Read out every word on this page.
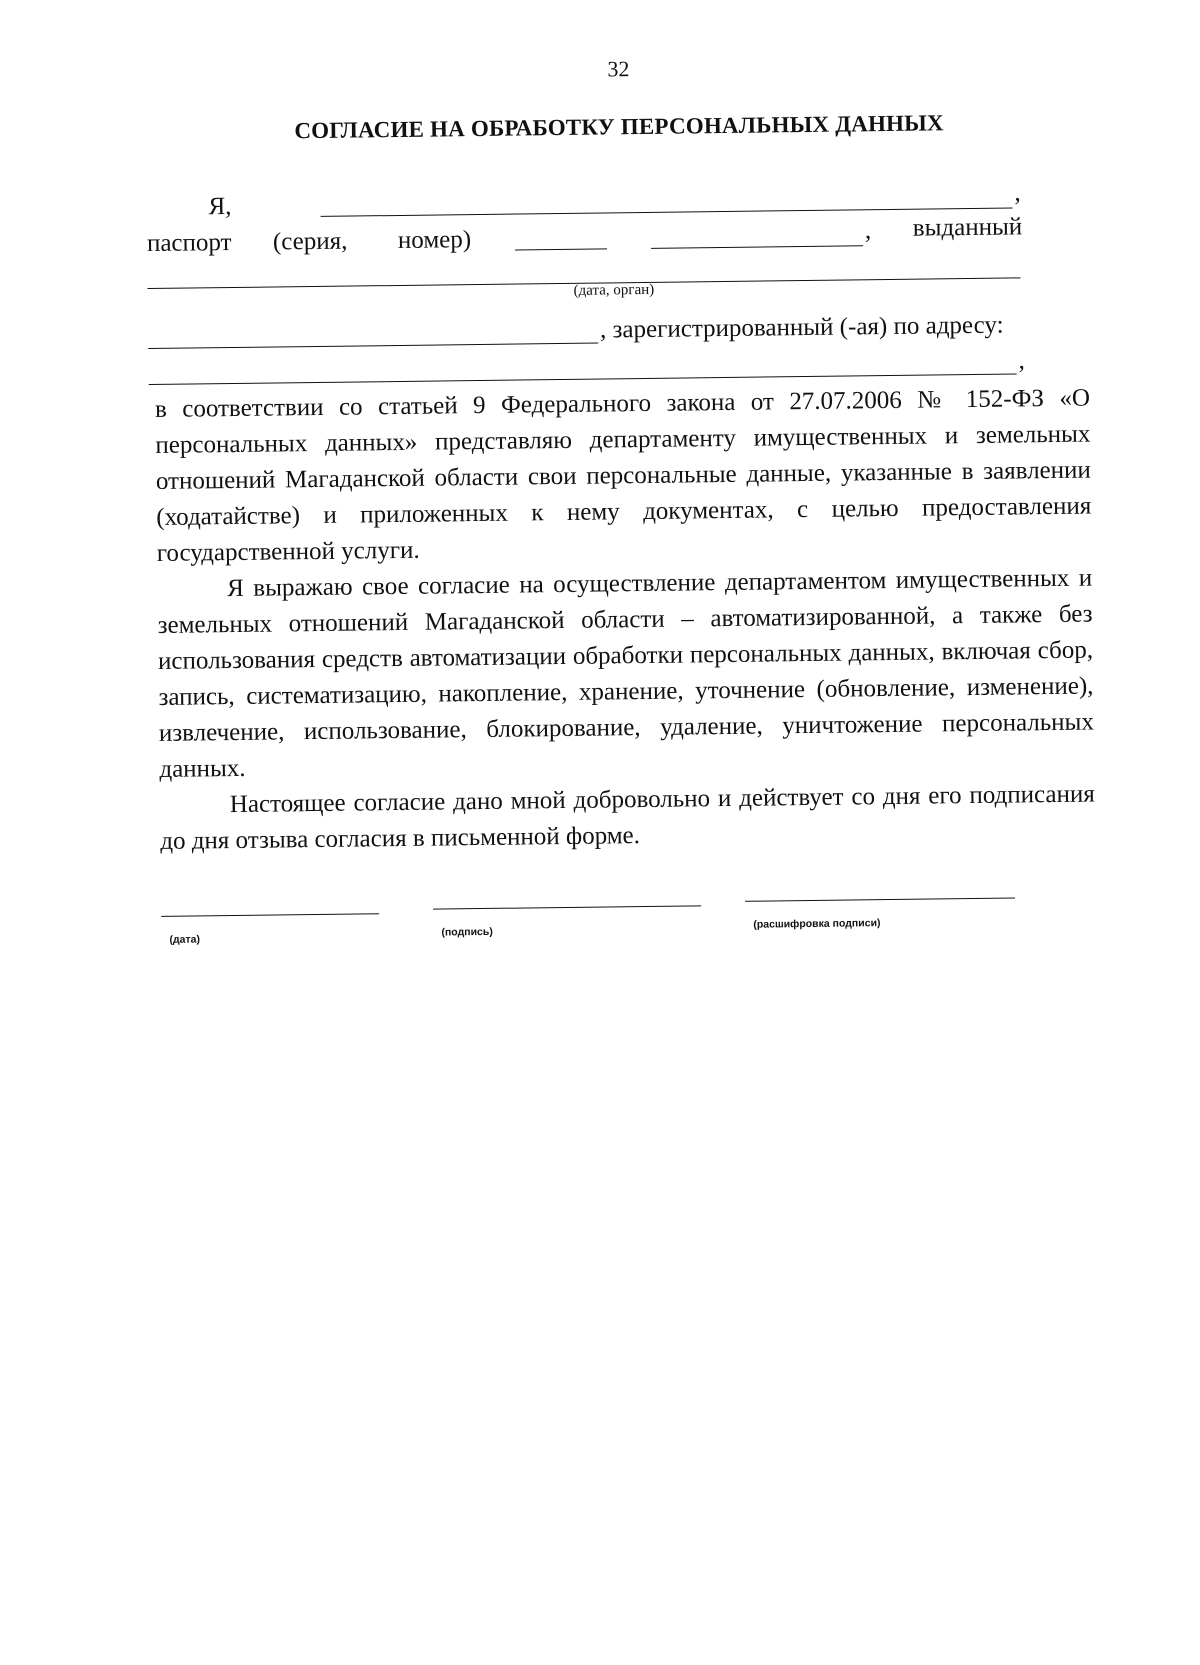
32
СОГЛАСИЕ НА ОБРАБОТКУ ПЕРСОНАЛЬНЫХ ДАННЫХ
Я,
,
паспорт (серия, номер)	, выданный
(дата, орган)
, зарегистрированный (-ая) по адресу:
,

в соответствии со статьей 9 Федерального закона от 27.07.2006 № 152-ФЗ «О персональных данных» представляю департаменту имущественных и земельных отношений Магаданской области свои персональные данные, указанные в заявлении (ходатайстве) и приложенных к нему документах, с целью предоставления государственной услуги.

Я выражаю свое согласие на осуществление департаментом имущественных и земельных отношений Магаданской области – автоматизированной, а также без использования средств автоматизации обработки персональных данных, включая сбор, запись, систематизацию, накопление, хранение, уточнение (обновление, изменение), извлечение, использование, блокирование, удаление, уничтожение персональных данных.

Настоящее согласие дано мной добровольно и действует со дня его подписания до дня отзыва согласия в письменной форме.

(дата)
(подпись)
(расшифровка подписи)
